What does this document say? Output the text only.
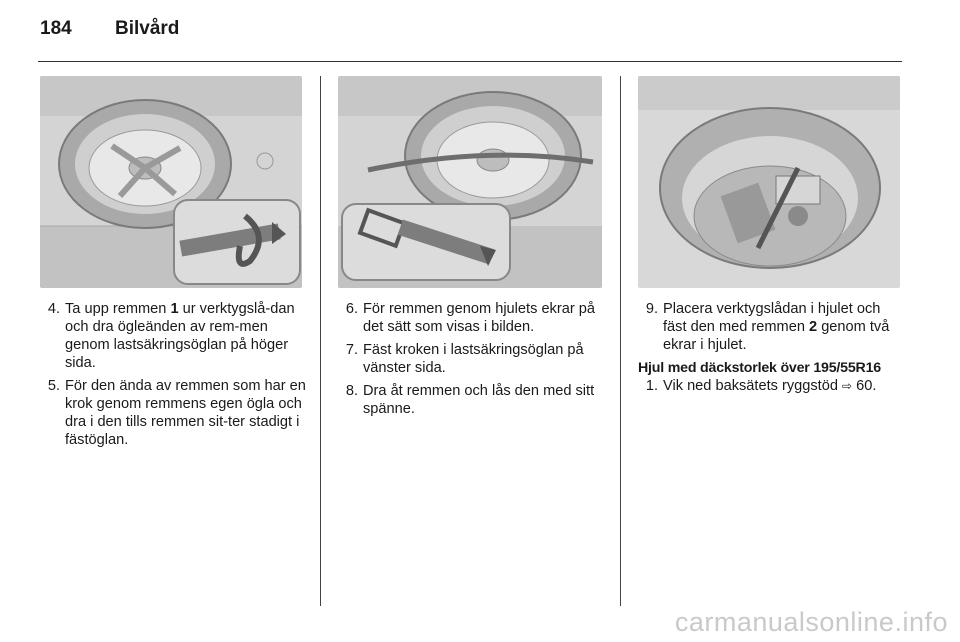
184 Bilvård
4. Ta upp remmen 1 ur verktygslå-dan och dra ögleänden av rem-men genom lastsäkringsöglan på höger sida.
5. För den ända av remmen som har en krok genom remmens egen ögla och dra i den tills remmen sit-ter stadigt i fästöglan.
6. För remmen genom hjulets ekrar på det sätt som visas i bilden.
7. Fäst kroken i lastsäkringsöglan på vänster sida.
8. Dra åt remmen och lås den med sitt spänne.
9. Placera verktygslådan i hjulet och fäst den med remmen 2 genom två ekrar i hjulet.
Hjul med däckstorlek över 195/55R16
1. Vik ned baksätets ryggstöd ⇨ 60.
carmanualsonline.info
